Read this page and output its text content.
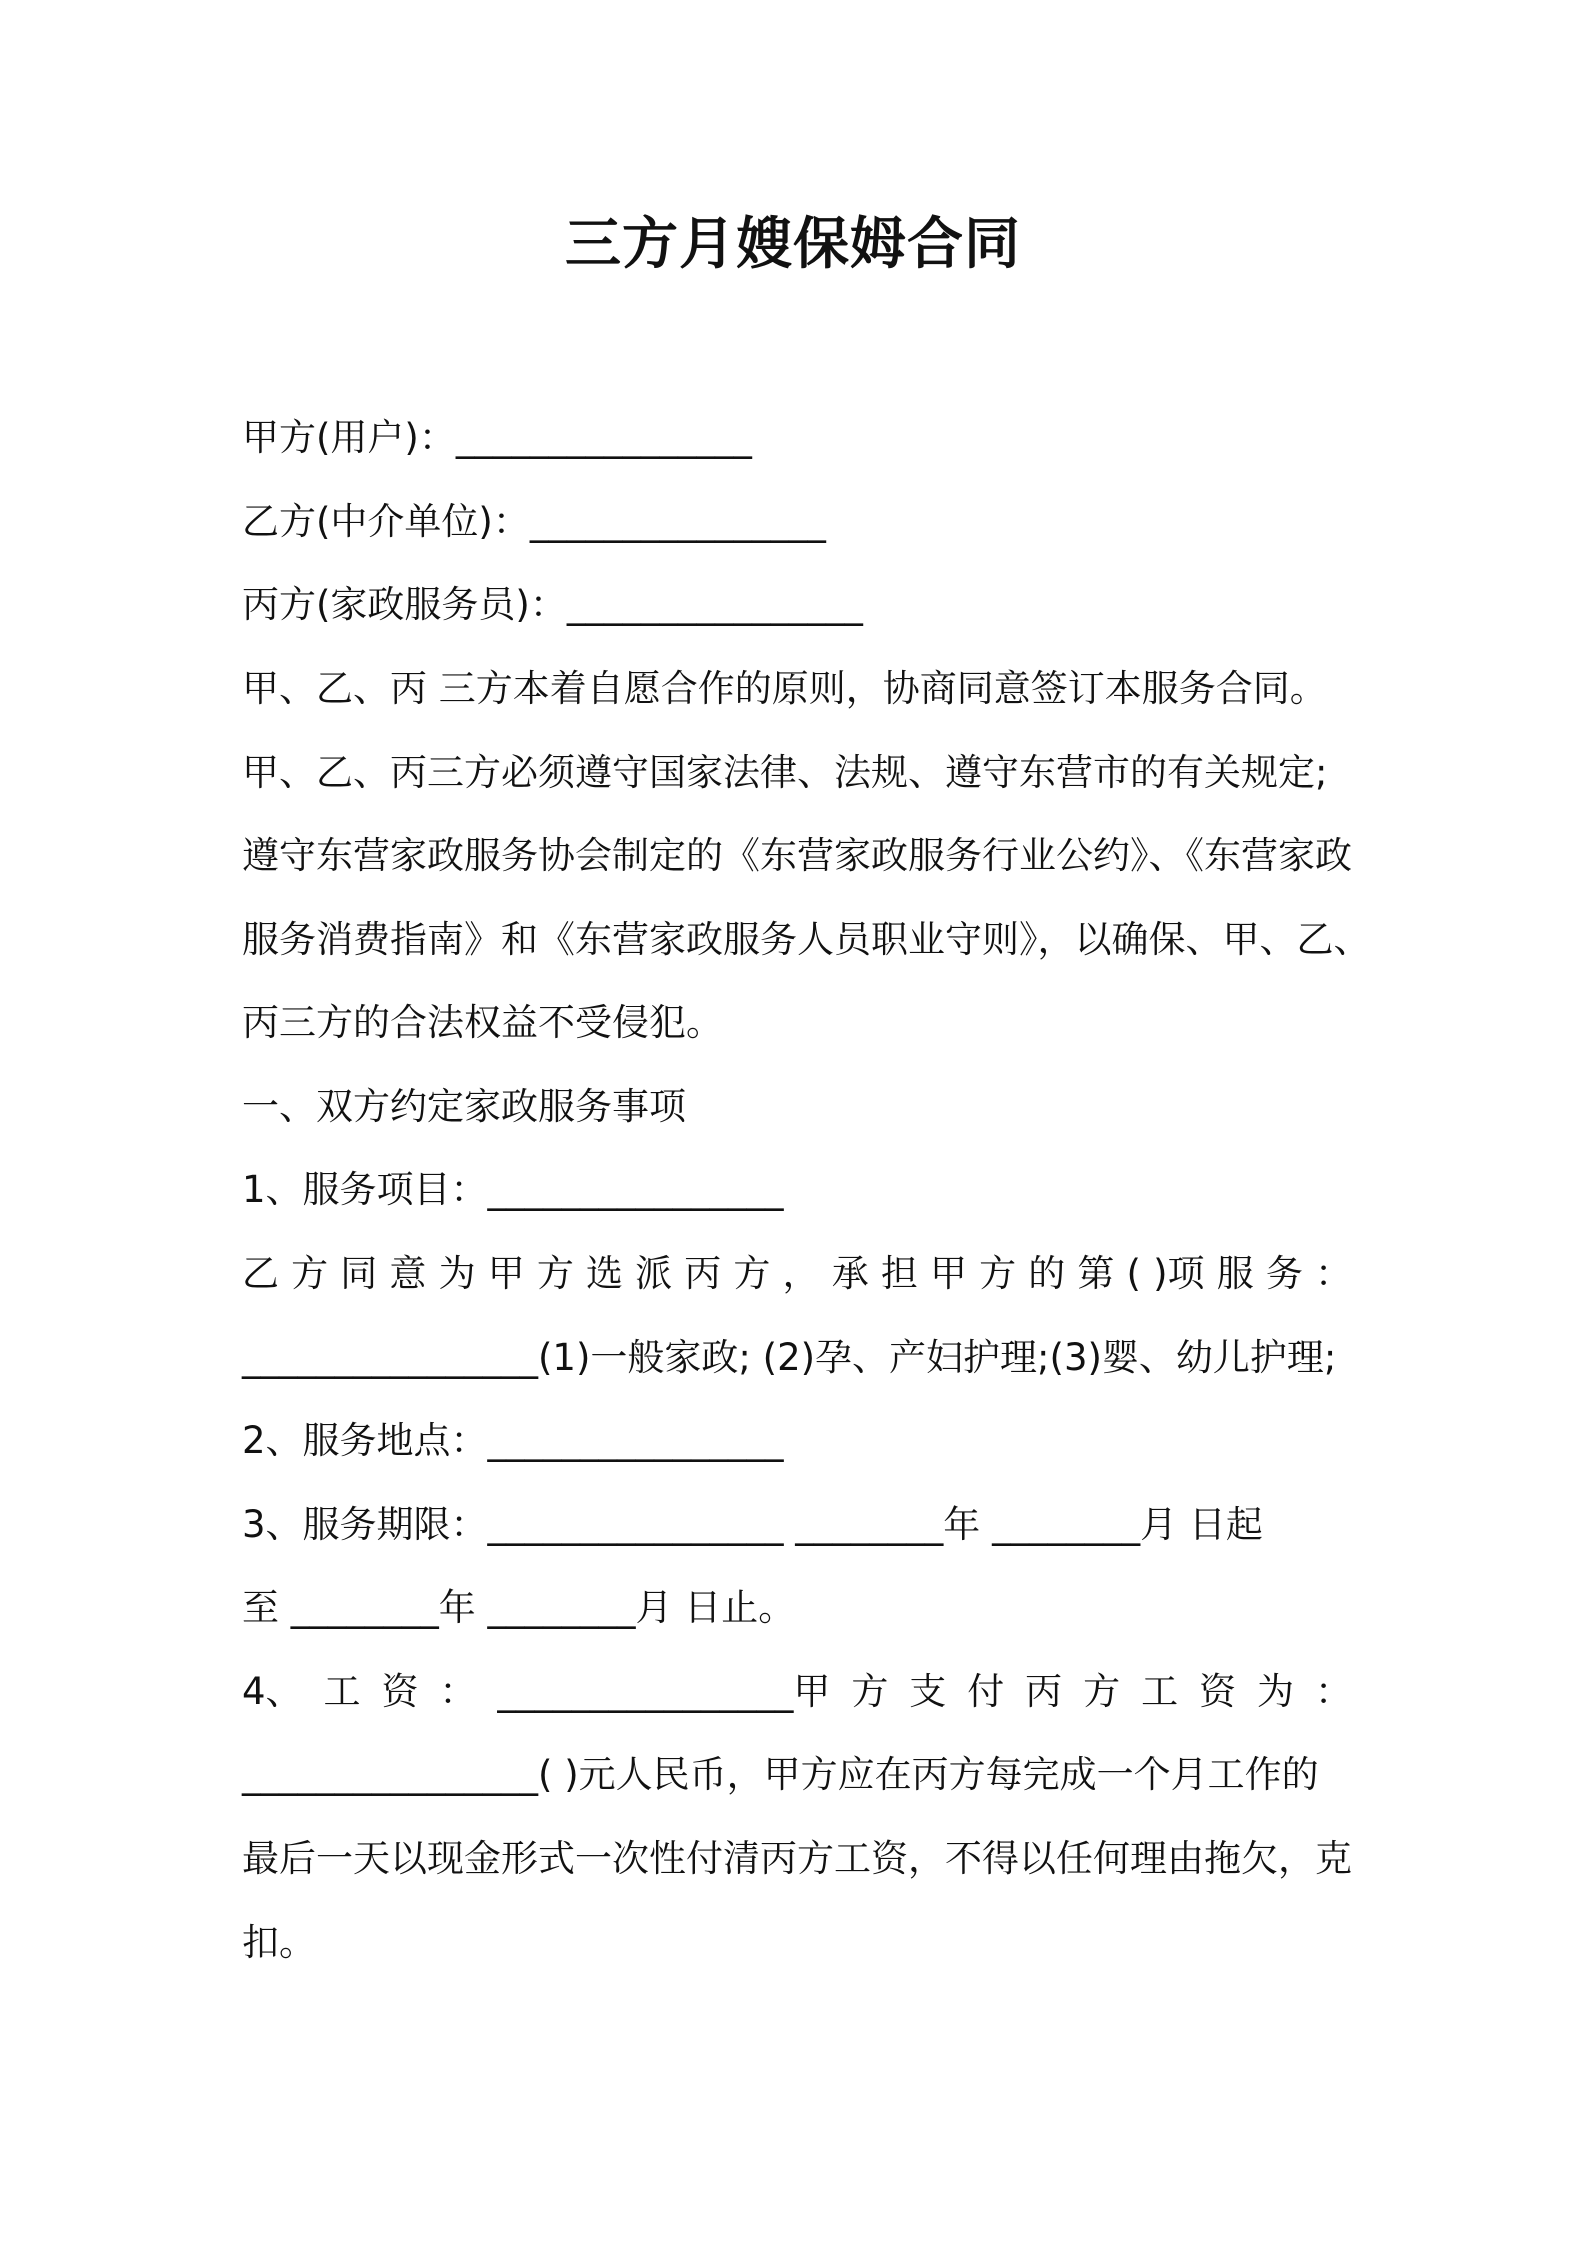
三方月嫂保姆合同
甲方(用户)：________________
乙方(中介单位)：________________
丙方(家政服务员)：________________
甲、乙、丙 三方本着自愿合作的原则，协商同意签订本服务合同。
甲、乙、丙三方必须遵守国家法律、法规、遵守东营市的有关规定;
遵守东营家政服务协会制定的《东营家政服务行业公约》、《东营家政
服务消费指南》和《东营家政服务人员职业守则》，以确保、甲、乙、
丙三方的合法权益不受侵犯。
一、双方约定家政服务事项
1、服务项目：________________
乙 方 同 意 为 甲 方 选 派 丙 方 ， 承 担 甲 方 的 第 ( )项 服 务 ：
________________(1)一般家政; (2)孕、产妇护理;(3)婴、幼儿护理;
2、服务地点：________________
3、服务期限：________________ ________年 ________月 日起
至 ________年 ________月 日止。
4、 工 资 ： ________________甲 方 支 付 丙 方 工 资 为 ：
________________( )元人民币，甲方应在丙方每完成一个月工作的
最后一天以现金形式一次性付清丙方工资，不得以任何理由拖欠，克
扣。
